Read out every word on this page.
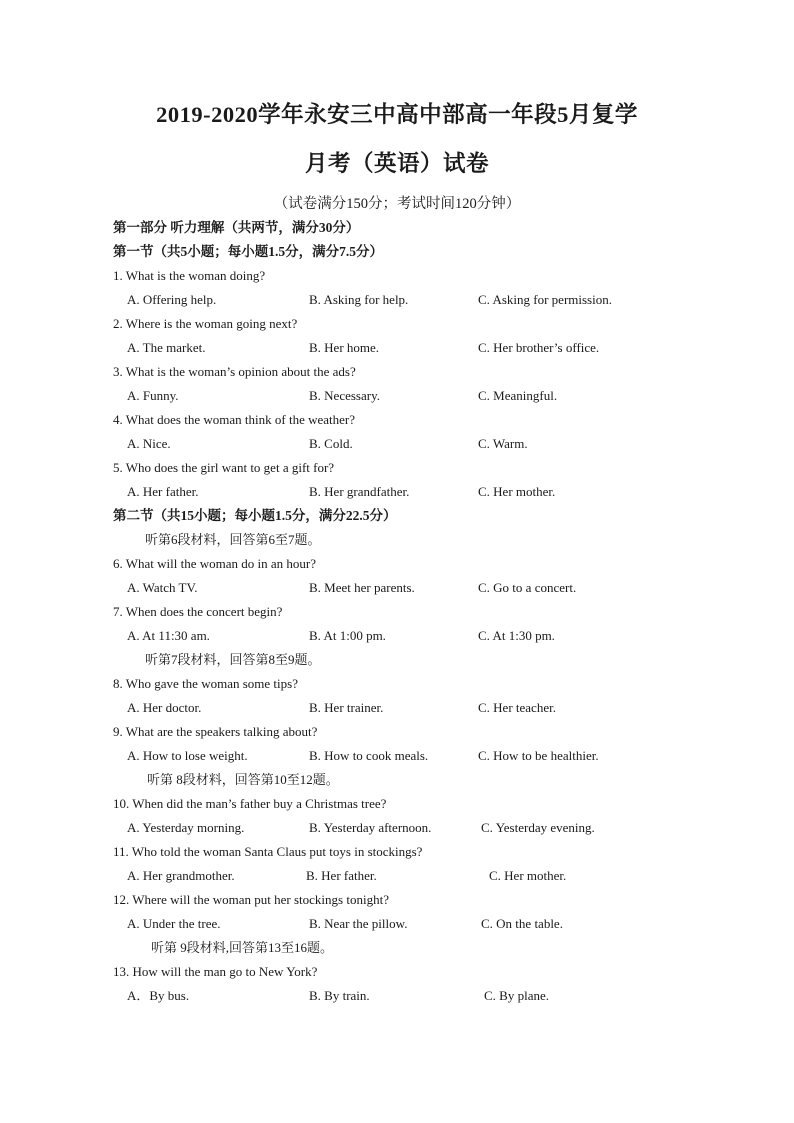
2019-2020学年永安三中高中部高一年段5月复学
月考（英语）试卷
（试卷满分150分；考试时间120分钟）
第一部分 听力理解（共两节，满分30分）
第一节（共5小题；每小题1.5分，满分7.5分）
1. What is the woman doing?
A. Offering help.	B. Asking for help.	C. Asking for permission.
2. Where is the woman going next?
A. The market.	B. Her home.	C. Her brother’s office.
3. What is the woman’s opinion about the ads?
A. Funny.	B. Necessary.	C. Meaningful.
4. What does the woman think of the weather?
A. Nice.	B. Cold.	C. Warm.
5. Who does the girl want to get a gift for?
A. Her father.	B. Her grandfather.	C. Her mother.
第二节（共15小题；每小题1.5分，满分22.5分）
听第6段材料，回答第6至7题。
6. What will the woman do in an hour?
A. Watch TV.	B. Meet her parents.	C. Go to a concert.
7. When does the concert begin?
A. At 11:30 am.	B. At 1:00 pm.	C. At 1:30 pm.
听第7段材料，回答第8至9题。
8. Who gave the woman some tips?
A. Her doctor.	B. Her trainer.	C. Her teacher.
9. What are the speakers talking about?
A. How to lose weight.	B. How to cook meals.	C. How to be healthier.
听第 8段材料，回答第10至12题。
10. When did the man’s father buy a Christmas tree?
A. Yesterday morning.	B. Yesterday afternoon.	C. Yesterday evening.
11. Who told the woman Santa Claus put toys in stockings?
A. Her grandmother.	B. Her father.	C. Her mother.
12. Where will the woman put her stockings tonight?
A. Under the tree.	B. Near the pillow.	C. On the table.
听第 9段材料,回答第13至16题。
13. How will the man go to New York?
A．By bus.	B. By train.	C. By plane.
